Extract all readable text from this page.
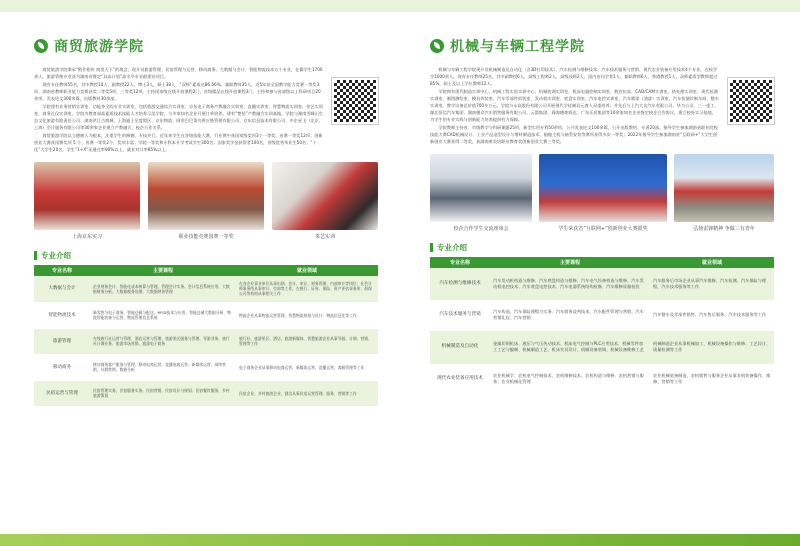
商贸旅游学院

商贸旅游学院秉承“稻作相传 商贸天下”的理念，现开设旅游管理、民宿管理与运营、移动商务、大数据与会计、智能物流技术五个专业，在籍学生1700余人。旅游管理专业获为湖南省暨定“双高计划”高水平专业群建设项目。

现有专任教师55名，其中教授10人，副教授22人，博士3人，硕士38人，“双师”素质达86.56%。兼职教师35人。近5年获全国教学能力竞赛一等奖3项，湖南省教师职业能力竞赛获奖二等奖5项、三等奖12项。主持国家级在线开放课程2门，省级精品在线开放课程3门，主持和参与省部级以上科研项目20余项，发表论文300余篇，出版教材30余部。

学院建有业务营销实训室、功能齐全的专业实训室，包括旅游交通综合实训室、京东电子商务产教融合实训室、直播实训室、智慧物流实训室、茶艺实训室、商务礼仪实训室，学院为教育部高素质技术技能人才培养示范学院，与多家知名企业开展订单培养，建有“楚怡”产教融合实训基地，学院与湖南雪峰山生态文化旅游有限责任公司、湖南洪江古商城、上海迪士尼度假区、京东物流、阿里巴巴菜鸟供应链管理有限公司、京东信息技术有限公司、中企星飞（北京、上海）会计服务有限公司等30余家企业建立产教融合、校企合作关系。

商贸旅游学院以立德树人为根本，注重学生的修德、专技并行。近年来学生在各级技能大赛、行业赛中获国家级奖项3个一等奖，省赛一等奖12项；创新创业大赛获国赛奖项 5 个，省赛一等奖2个，奖项丰富；学院一等奖和专科本升学考试学生300名；国家奖学金获得者100名，省级优秀毕业生50名；“十佳”大学生20名。学生“1+X”证通过率90%以上，就业对口率85%以上。

上海京东实习	职业技能竞赛国赛一等奖	茶艺实训
专业介绍
专业名称	主要课程	就业领域
大数据与会计	企业财务会计、智能化成本核算与管理、管理会计实务、会计信息系统应用、大数据财务分析、大数据税务处理、大数据财务管理	在各企业事业单位从事出纳、会计、审计、财务管理、内部审计等岗位；在会计师事务所从事审计、咨询等工作，在银行、证券、保险、资产评估事务所、担保公司等机构从事相关工作
智能物流技术	新零售与电子商务、智能仓储与配送、RFID技术与应用、智能仓储大数据分析、物流智能装备与运营、物流管理信息系统	物流企业从事物流运营管理、智慧物流规划与设计、物流信息化等工作
旅游管理	在线旅行社运营与管理、酒店运营与管理、旅游景区服务与管理、导游业务、旅行社计调业务、旅游市场营销、旅游电子商务	旅行社、旅游景区、酒店、旅游新媒体、智慧旅游企业从事导游、计调、营销、管理等工作
移动商务	移动商务客户服务与管理、移动电商运营、直播电商运营、新媒体运营、网络营销、社群营销、数据分析	电子商务企业从事移动电商运营、新媒体运营、直播运营、客服管理等工作
民宿运营与管理	民宿管理实务、民宿服务实务、民宿营销、民宿设计与规划、民宿餐饮服务、乡村旅游策划	民宿企业、乡村旅游企业、酒店从事民宿运营管理、服务、营销等工作
机械与车辆工程学院

机械与车辆工程学院现开设机械制造及自动化（含3D打印技术）、汽车检测与维修技术、汽车技术服务与营销、现代农业装备应用技术4个专业，在校学生1000余人。现有专任教师25名，其中副教授6人，高级工程师2人，高级技师2人，国内访问学者1人；兼职教师6人，香港教授1人，双师素质型教师超过85%，硕士及以上学位教师12人。

学院拥有现代制造实训中心、机械工程实验实训中心、机械装调实训室、机床电器控制实训室、数控仿真、CAD/CAM实训室、热处理实训室、现代检测实训室、制图测绘室、模具拆装室、汽车零部件拆装室、发动机实训室、底盘实训室、汽车电控实训室、汽车喷漆（油漆）实训室、汽车检测诊断车间、整车实训室。教学设备总价值700多万元。学院与永高股份有限公司开展现代学徒制双元育人双重培养；并先后与上汽大众汽车有限公司、华为公司、三一重工、湖北恒信汽车集团、湖南德众汽车销售服务有限公司、云箭集团、珠海德豪润达、广东乐居集团等10余家知名企业签定校企合作协议，建立校外实习基地，为学生的专业实践与创新能力培养提供有力保障。

学院教师主持省、市级教学与科研课题25项，新型实用专利50余项，公开发表论文100余篇，公开出版教材、专著20部。指导学生参加湖南省职业院校技能大赛CAD机械设计、工业产品造型设计与增材制造技术、船舶主机与轴系安装等赛项获得多次一等奖；2022年指导学生参加湖南省“互联网+”大学生创新创业大赛获得二等奖，获湖南黄炎培职业教育奖创新创业大赛三等奖。

校企合作学生交流座谈会	学生荣获省“互联网+”创新创业大赛银奖	弘扬雷锋精神 争做三有青年
专业介绍
专业名称	主要课程	就业领域
汽车检测与维修技术	汽车发动机构造与维修、汽车底盘构造与维修、汽车电气设备构造与维修、汽车发动机电控技术、汽车底盘电控技术、汽车电器系统结构检修、汽车维修质量检验	汽车服务后市场企业从事汽车维修、汽车检测、汽车保险与理赔、汽车技术服务等工作
汽车技术服务与营销	汽车构造、汽车保险理赔与实务、汽车商务谈判技术、汽车配件管理与营销、汽车营销礼仪、汽车营销	汽车整车及零部件销售、汽车售后服务、汽车技术服务等工作
机械制造及自动化	金属切削机床、液压与气压传动技术、机床电气控制与PLC应用技术、机械零件加工工艺与编制、机械制造工艺、机床夹具设计、机械设备装调、机械设备维修工艺	机械制造企业从事机械加工、机械设备操作与维修、工艺设计、质量检测等工作
现代农业装备应用技术	农业机械学、农机电气控制技术、农机维修技术、农机构造与维修、农机营销与服务、农业机械化管理	农业机械装备制造、农机销售与服务企业从事农机装备操作、维修、营销等工作
